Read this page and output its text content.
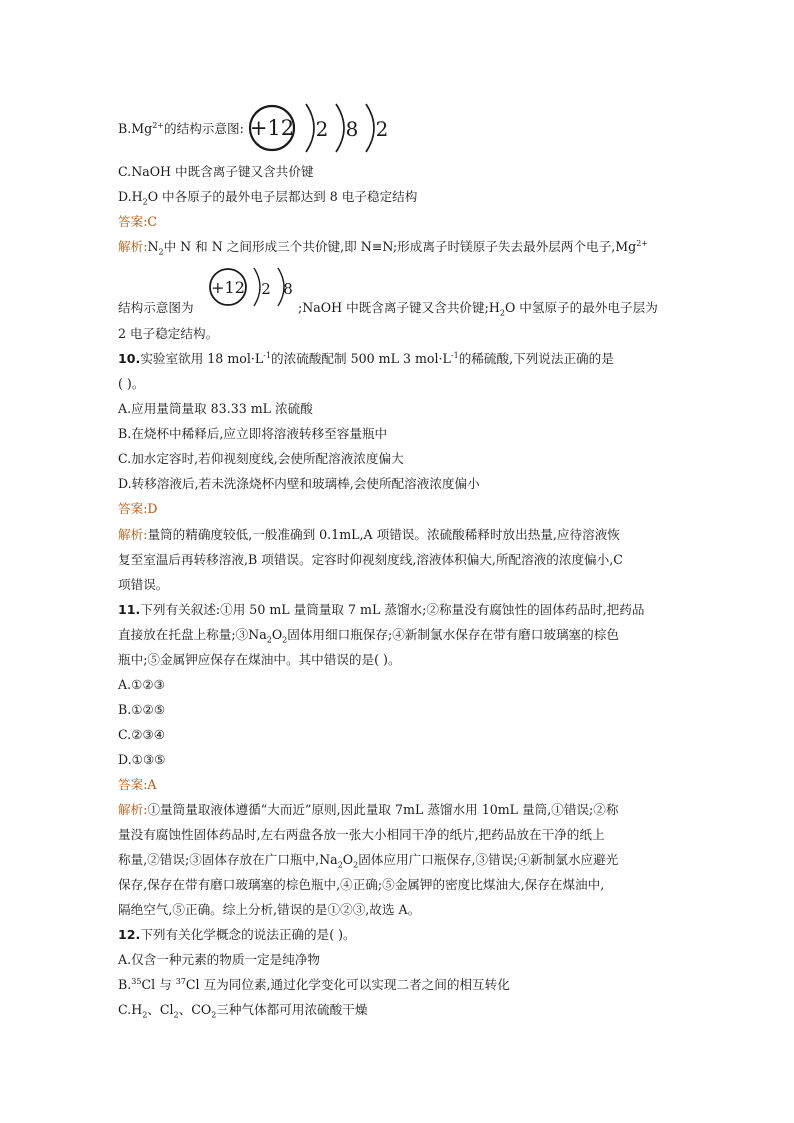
$B.Mg^{2+}$的结构示意图: +12 2 8 2
C.NaOH 中既含离子键又含共价键
$D.H_2O$ 中各原子的最外电子层都达到 8 电子稳定结构
答案:C
解析$:N_2$中 N 和 N 之间形成三个共价键,即 N≡N;形成离子时镁原子失去最外层两个电子$,Mg^{2+}$
+12 2 8
结构示意图为	;NaOH 中既含离子键又含共价键$;H_2O$ 中氢原子的最外电子层为
2 电子稳定结构。
10.实验室欲用 18 $mol\cdot L^{-1}$的浓硫酸配制 500 mL 3 $mol\cdot L^{-1}$的稀硫酸,下列说法正确的是
( )。
A.应用量筒量取 83.33 mL 浓硫酸
B.在烧杯中稀释后,应立即将溶液转移至容量瓶中
C.加水定容时,若仰视刻度线,会使所配溶液浓度偏大
D.转移溶液后,若未洗涤烧杯内壁和玻璃棒,会使所配溶液浓度偏小
答案:D
解析:量筒的精确度较低,一般准确到 0.1mL,A 项错误。浓硫酸稀释时放出热量,应待溶液恢
复至室温后再转移溶液,B 项错误。定容时仰视刻度线,溶液体积偏大,所配溶液的浓度偏小,C
项错误。
11.下列有关叙述:①用 50 mL 量筒量取 7 mL 蒸馏水;②称量没有腐蚀性的固体药品时,把药品
直接放在托盘上称量$;③Na_2O_2$固体用细口瓶保存;④新制氯水保存在带有磨口玻璃塞的棕色
瓶中;⑤金属钾应保存在煤油中。其中错误的是( )。
A.①②③
B.①②⑤
C.②③④
D.①③⑤
答案:A
解析:①量筒量取液体遵循“大而近”原则,因此量取 7mL 蒸馏水用 10mL 量筒,①错误;②称
量没有腐蚀性固体药品时,左右两盘各放一张大小相同干净的纸片,把药品放在干净的纸上
称量,②错误;③固体存放在广口瓶中$,Na_2O_2$固体应用广口瓶保存,③错误;④新制氯水应避光
保存,保存在带有磨口玻璃塞的棕色瓶中,④正确;⑤金属钾的密度比煤油大,保存在煤油中,
隔绝空气,⑤正确。综上分析,错误的是①②③,故选 A。
12.下列有关化学概念的说法正确的是( )。
A.仅含一种元素的物质一定是纯净物
B.$^{35}$Cl 与 $^{37}$Cl 互为同位素,通过化学变化可以实现二者之间的相互转化
$C.H_2$、$Cl_2$、$CO_2$三种气体都可用浓硫酸干燥
